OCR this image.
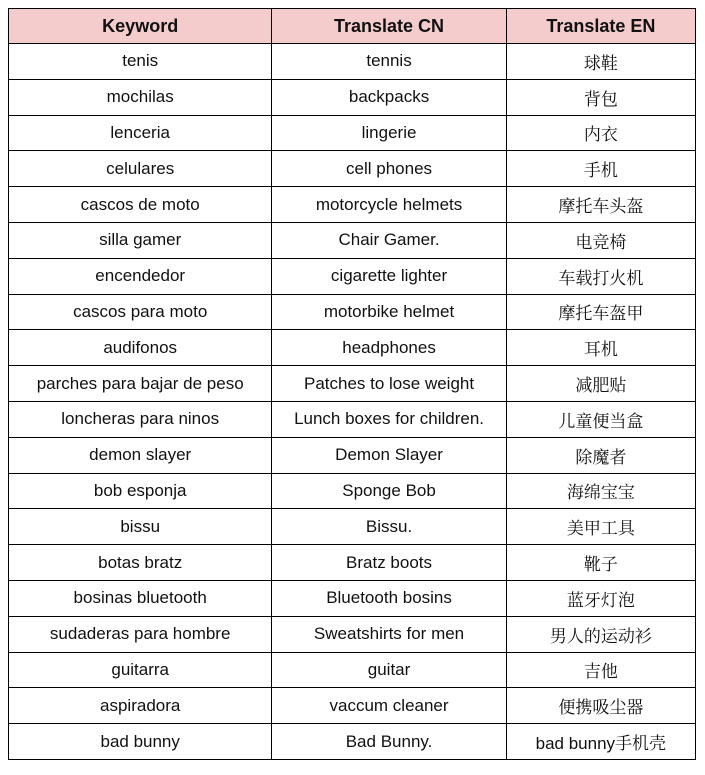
Keyword	Translate CN	Translate EN
tenis	tennis	球鞋
mochilas	backpacks	背包
lenceria	lingerie	内衣
celulares	cell phones	手机
cascos de moto	motorcycle helmets	摩托车头盔
silla gamer	Chair Gamer.	电竞椅
encendedor	cigarette lighter	车载打火机
cascos para moto	motorbike helmet	摩托车盔甲
audifonos	headphones	耳机
parches para bajar de peso	Patches to lose weight	减肥贴
loncheras para ninos	Lunch boxes for children.	儿童便当盒
demon slayer	Demon Slayer	除魔者
bob esponja	Sponge Bob	海绵宝宝
bissu	Bissu.	美甲工具
botas bratz	Bratz boots	靴子
bosinas bluetooth	Bluetooth bosins	蓝牙灯泡
sudaderas para hombre	Sweatshirts for men	男人的运动衫
guitarra	guitar	吉他
aspiradora	vaccum cleaner	便携吸尘器
bad bunny	Bad Bunny.	bad bunny手机壳
